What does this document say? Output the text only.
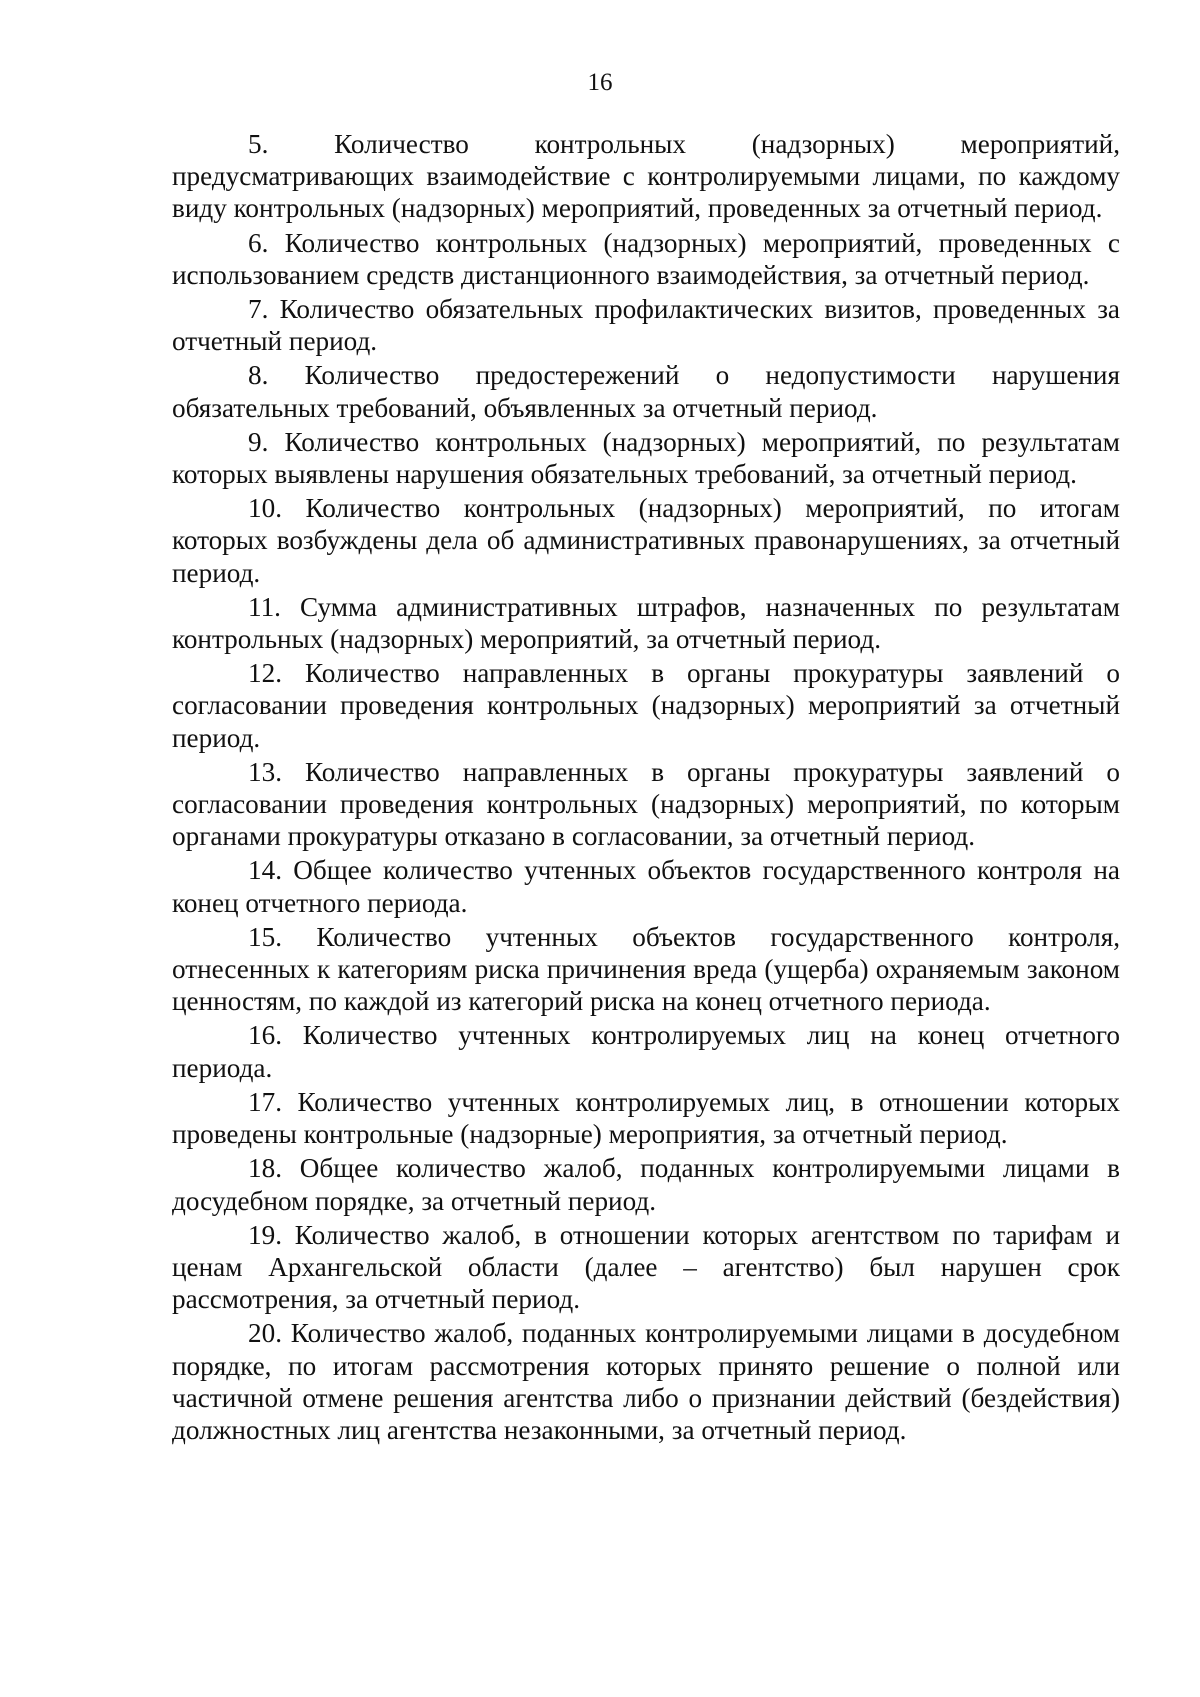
16

5. Количество контрольных (надзорных) мероприятий, предусматривающих взаимодействие с контролируемыми лицами, по каждому виду контрольных (надзорных) мероприятий, проведенных за отчетный период.

6. Количество контрольных (надзорных) мероприятий, проведенных с использованием средств дистанционного взаимодействия, за отчетный период.

7. Количество обязательных профилактических визитов, проведенных за отчетный период.

8. Количество предостережений о недопустимости нарушения обязательных требований, объявленных за отчетный период.

9. Количество контрольных (надзорных) мероприятий, по результатам которых выявлены нарушения обязательных требований, за отчетный период.

10. Количество контрольных (надзорных) мероприятий, по итогам которых возбуждены дела об административных правонарушениях, за отчетный период.

11. Сумма административных штрафов, назначенных по результатам контрольных (надзорных) мероприятий, за отчетный период.

12. Количество направленных в органы прокуратуры заявлений о согласовании проведения контрольных (надзорных) мероприятий за отчетный период.

13. Количество направленных в органы прокуратуры заявлений о согласовании проведения контрольных (надзорных) мероприятий, по которым органами прокуратуры отказано в согласовании, за отчетный период.

14. Общее количество учтенных объектов государственного контроля на конец отчетного периода.

15. Количество учтенных объектов государственного контроля, отнесенных к категориям риска причинения вреда (ущерба) охраняемым законом ценностям, по каждой из категорий риска на конец отчетного периода.

16. Количество учтенных контролируемых лиц на конец отчетного периода.

17. Количество учтенных контролируемых лиц, в отношении которых проведены контрольные (надзорные) мероприятия, за отчетный период.

18. Общее количество жалоб, поданных контролируемыми лицами в досудебном порядке, за отчетный период.

19. Количество жалоб, в отношении которых агентством по тарифам и ценам Архангельской области (далее – агентство) был нарушен срок рассмотрения, за отчетный период.

20. Количество жалоб, поданных контролируемыми лицами в досудебном порядке, по итогам рассмотрения которых принято решение о полной или частичной отмене решения агентства либо о признании действий (бездействия) должностных лиц агентства незаконными, за отчетный период.
